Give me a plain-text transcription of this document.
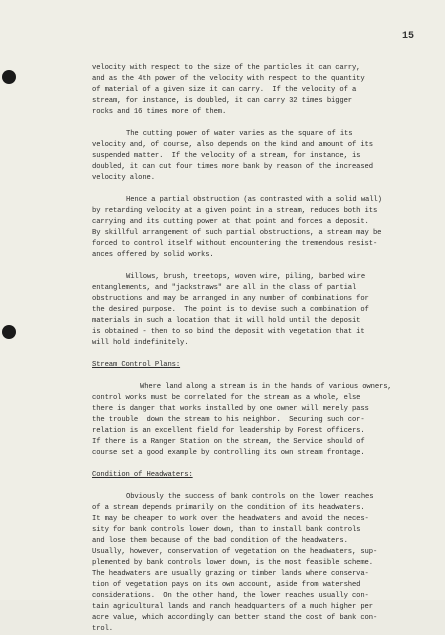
15
velocity with respect to the size of the particles it can carry,
and as the 4th power of the velocity with respect to the quantity
of material of a given size it can carry.  If the velocity of a
stream, for instance, is doubled, it can carry 32 times bigger
rocks and 16 times more of them.
The cutting power of water varies as the square of its
velocity and, of course, also depends on the kind and amount of its
suspended matter.  If the velocity of a stream, for instance, is
doubled, it can cut four times more bank by reason of the increased
velocity alone.
Hence a partial obstruction (as contrasted with a solid wall)
by retarding velocity at a given point in a stream, reduces both its
carrying and its cutting power at that point and forces a deposit.
By skillful arrangement of such partial obstructions, a stream may be
forced to control itself without encountering the tremendous resist-
ances offered by solid works.
Willows, brush, treetops, woven wire, piling, barbed wire
entanglements, and "jackstraws" are all in the class of partial
obstructions and may be arranged in any number of combinations for
the desired purpose.  The point is to devise such a combination of
materials in such a location that it will hold until the deposit
is obtained - then to so bind the deposit with vegetation that it
will hold indefinitely.
Stream Control Plans:
Where land along a stream is in the hands of various owners,
control works must be correlated for the stream as a whole, else
there is danger that works installed by one owner will merely pass
the trouble  down the stream to his neighbor.  Securing such cor-
relation is an excellent field for leadership by Forest officers.
If there is a Ranger Station on the stream, the Service should of
course set a good example by controlling its own stream frontage.
Condition of Headwaters:
Obviously the success of bank controls on the lower reaches
of a stream depends primarily on the condition of its headwaters.
It may be cheaper to work over the headwaters and avoid the neces-
sity for bank controls lower down, than to install bank controls
and lose them because of the bad condition of the headwaters.
Usually, however, conservation of vegetation on the headwaters, sup-
plemented by bank controls lower down, is the most feasible scheme.
The headwaters are usually grazing or timber lands where conserva-
tion of vegetation pays on its own account, aside from watershed
considerations.  On the other hand, the lower reaches usually con-
tain agricultural lands and ranch headquarters of a much higher per
acre value, which accordingly can better stand the cost of bank con-
trol.
